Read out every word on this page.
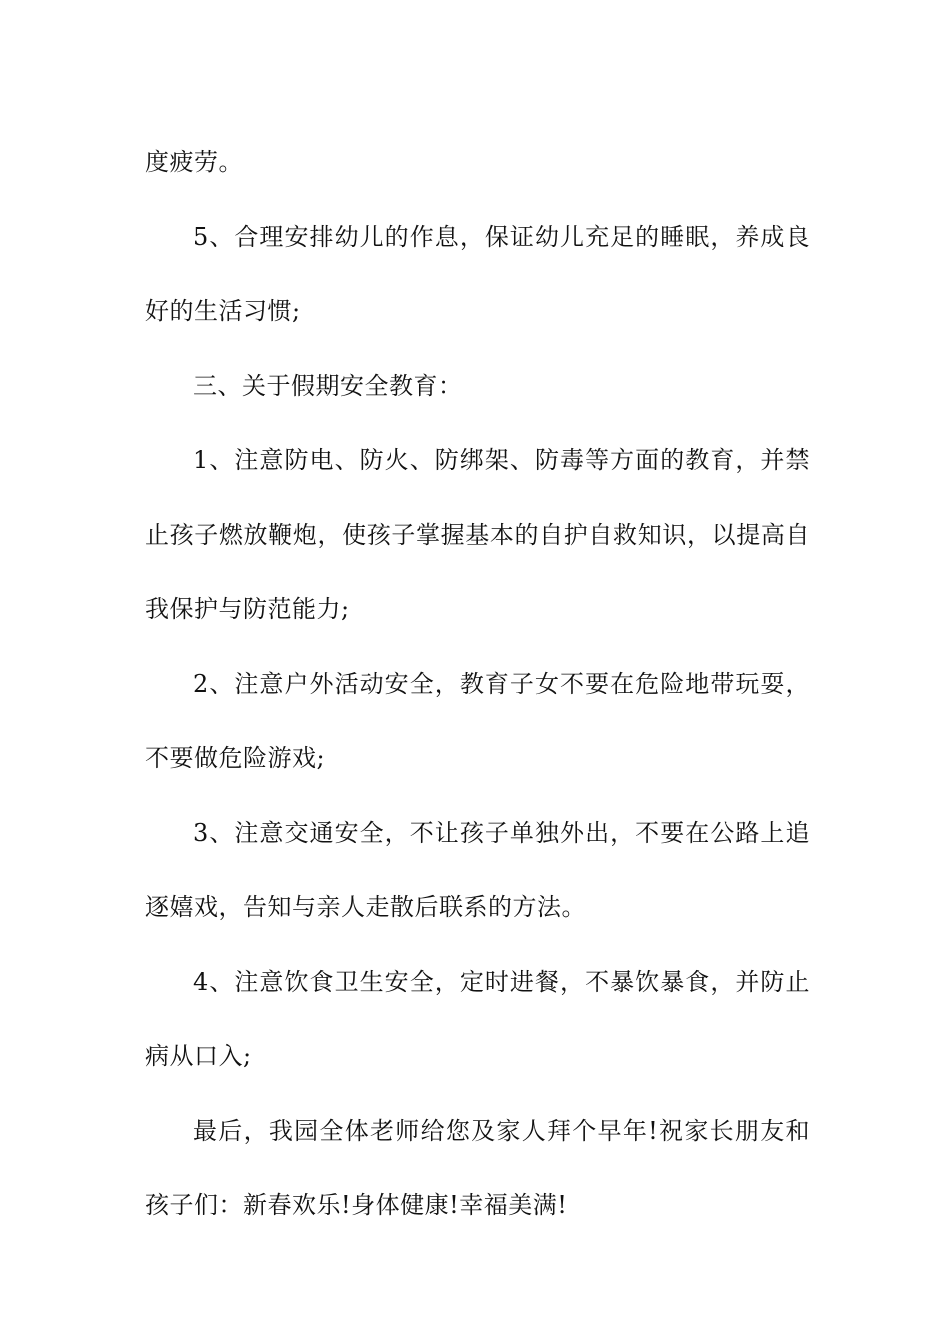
度疲劳。

5、合理安排幼儿的作息，保证幼儿充足的睡眠，养成良好的生活习惯;

三、关于假期安全教育：

1、注意防电、防火、防绑架、防毒等方面的教育，并禁止孩子燃放鞭炮，使孩子掌握基本的自护自救知识，以提高自我保护与防范能力;

2、注意户外活动安全，教育子女不要在危险地带玩耍，不要做危险游戏;

3、注意交通安全，不让孩子单独外出，不要在公路上追逐嬉戏，告知与亲人走散后联系的方法。

4、注意饮食卫生安全，定时进餐，不暴饮暴食，并防止病从口入;

最后，我园全体老师给您及家人拜个早年!祝家长朋友和孩子们：新春欢乐!身体健康!幸福美满!
